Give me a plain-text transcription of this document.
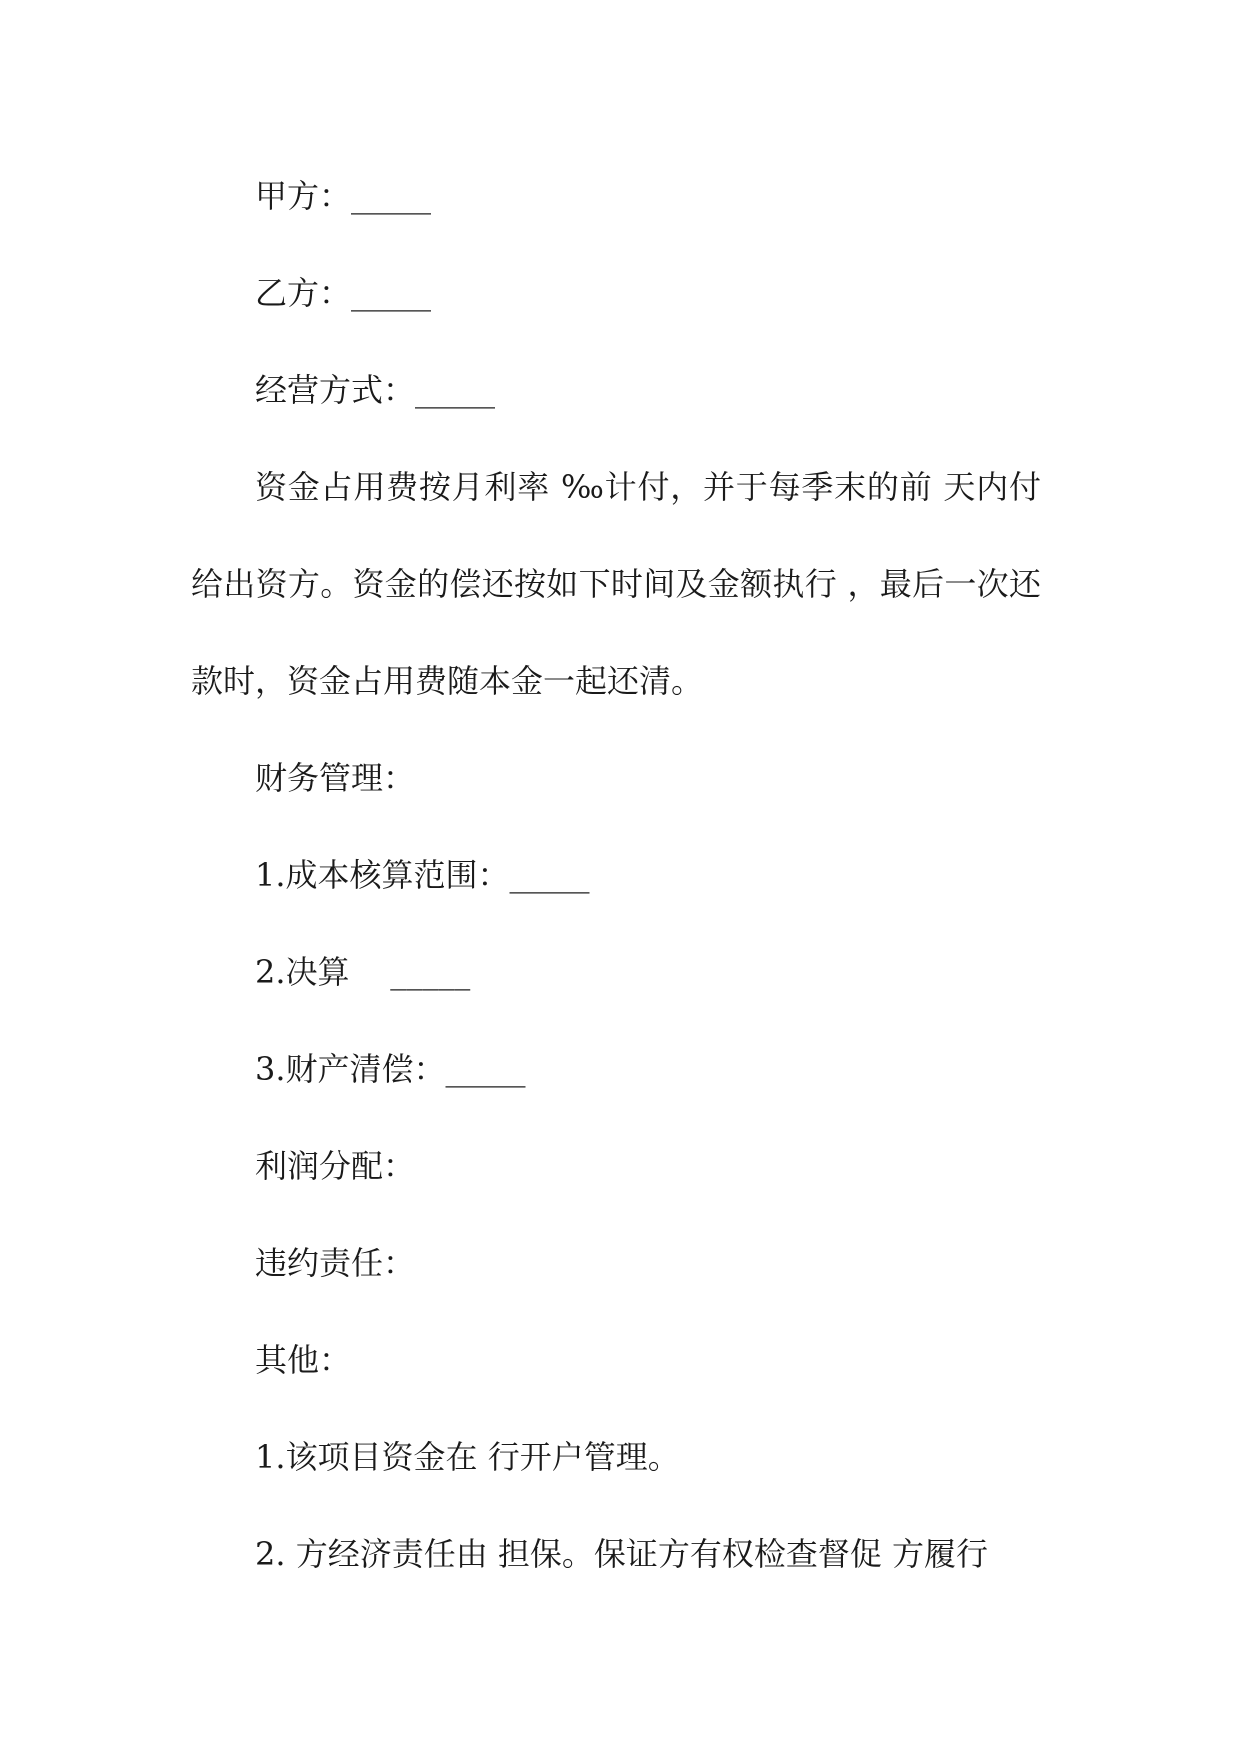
甲方：_____

乙方：_____

经营方式：_____

资金占用费按月利率 ‰计付，并于每季末的前 天内付给出资方。资金的偿还按如下时间及金额执行 ，最后一次还款时，资金占用费随本金一起还清。

财务管理：

1.成本核算范围：_____

2.决算    _____

3.财产清偿：_____

利润分配：

违约责任：

其他：

1.该项目资金在 行开户管理。

2. 方经济责任由 担保。保证方有权检查督促 方履行
